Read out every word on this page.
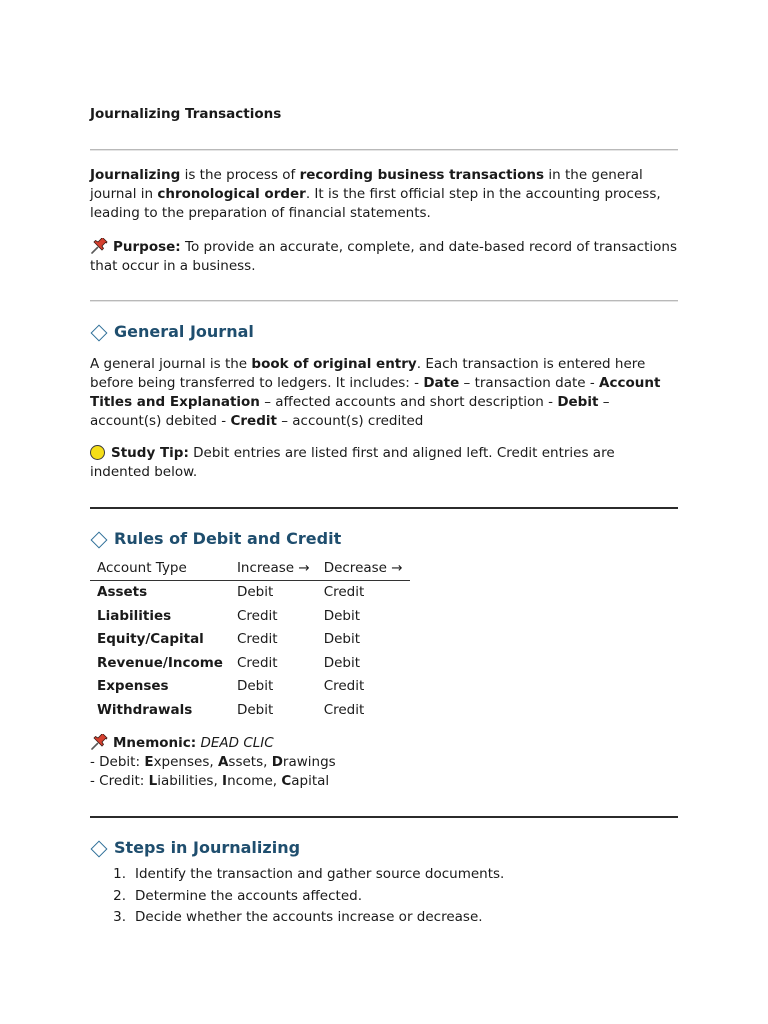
Journalizing Transactions
Journalizing is the process of recording business transactions in the general journal in chronological order. It is the first official step in the accounting process, leading to the preparation of financial statements.
Purpose: To provide an accurate, complete, and date-based record of transactions that occur in a business.
General Journal
A general journal is the book of original entry. Each transaction is entered here before being transferred to ledgers. It includes: - Date – transaction date - Account Titles and Explanation – affected accounts and short description - Debit – account(s) debited - Credit – account(s) credited
Study Tip: Debit entries are listed first and aligned left. Credit entries are indented below.
Rules of Debit and Credit
Account Type	Increase →	Decrease →
Assets	Debit	Credit
Liabilities	Credit	Debit
Equity/Capital	Credit	Debit
Revenue/Income	Credit	Debit
Expenses	Debit	Credit
Withdrawals	Debit	Credit
Mnemonic: DEAD CLIC
- Debit: Expenses, Assets, Drawings
- Credit: Liabilities, Income, Capital
Steps in Journalizing
1. Identify the transaction and gather source documents.
2. Determine the accounts affected.
3. Decide whether the accounts increase or decrease.
